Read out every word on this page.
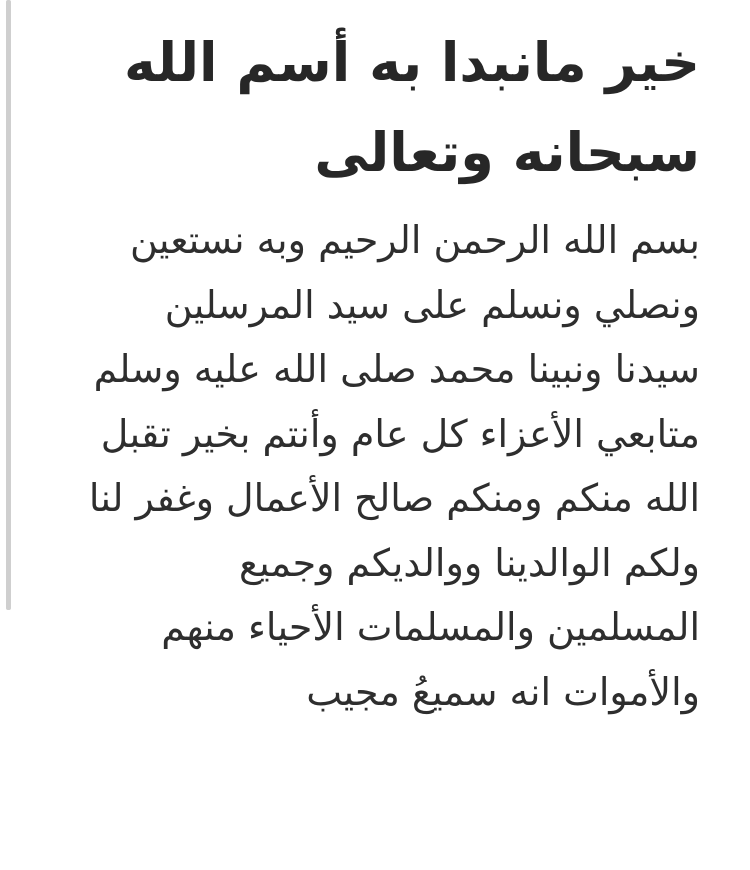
خير مانبدا به أسم الله
سبحانه وتعالى

بسم الله الرحمن الرحيم وبه نستعين
ونصلي ونسلم على سيد المرسلين
سيدنا ونبينا محمد صلى الله عليه وسلم
متابعي الأعزاء كل عام وأنتم بخير تقبل
الله منكم ومنكم صالح الأعمال وغفر لنا
ولكم الوالدينا ووالديكم وجميع
المسلمين والمسلمات الأحياء منهم
والأموات انه سميعُ مجيب
